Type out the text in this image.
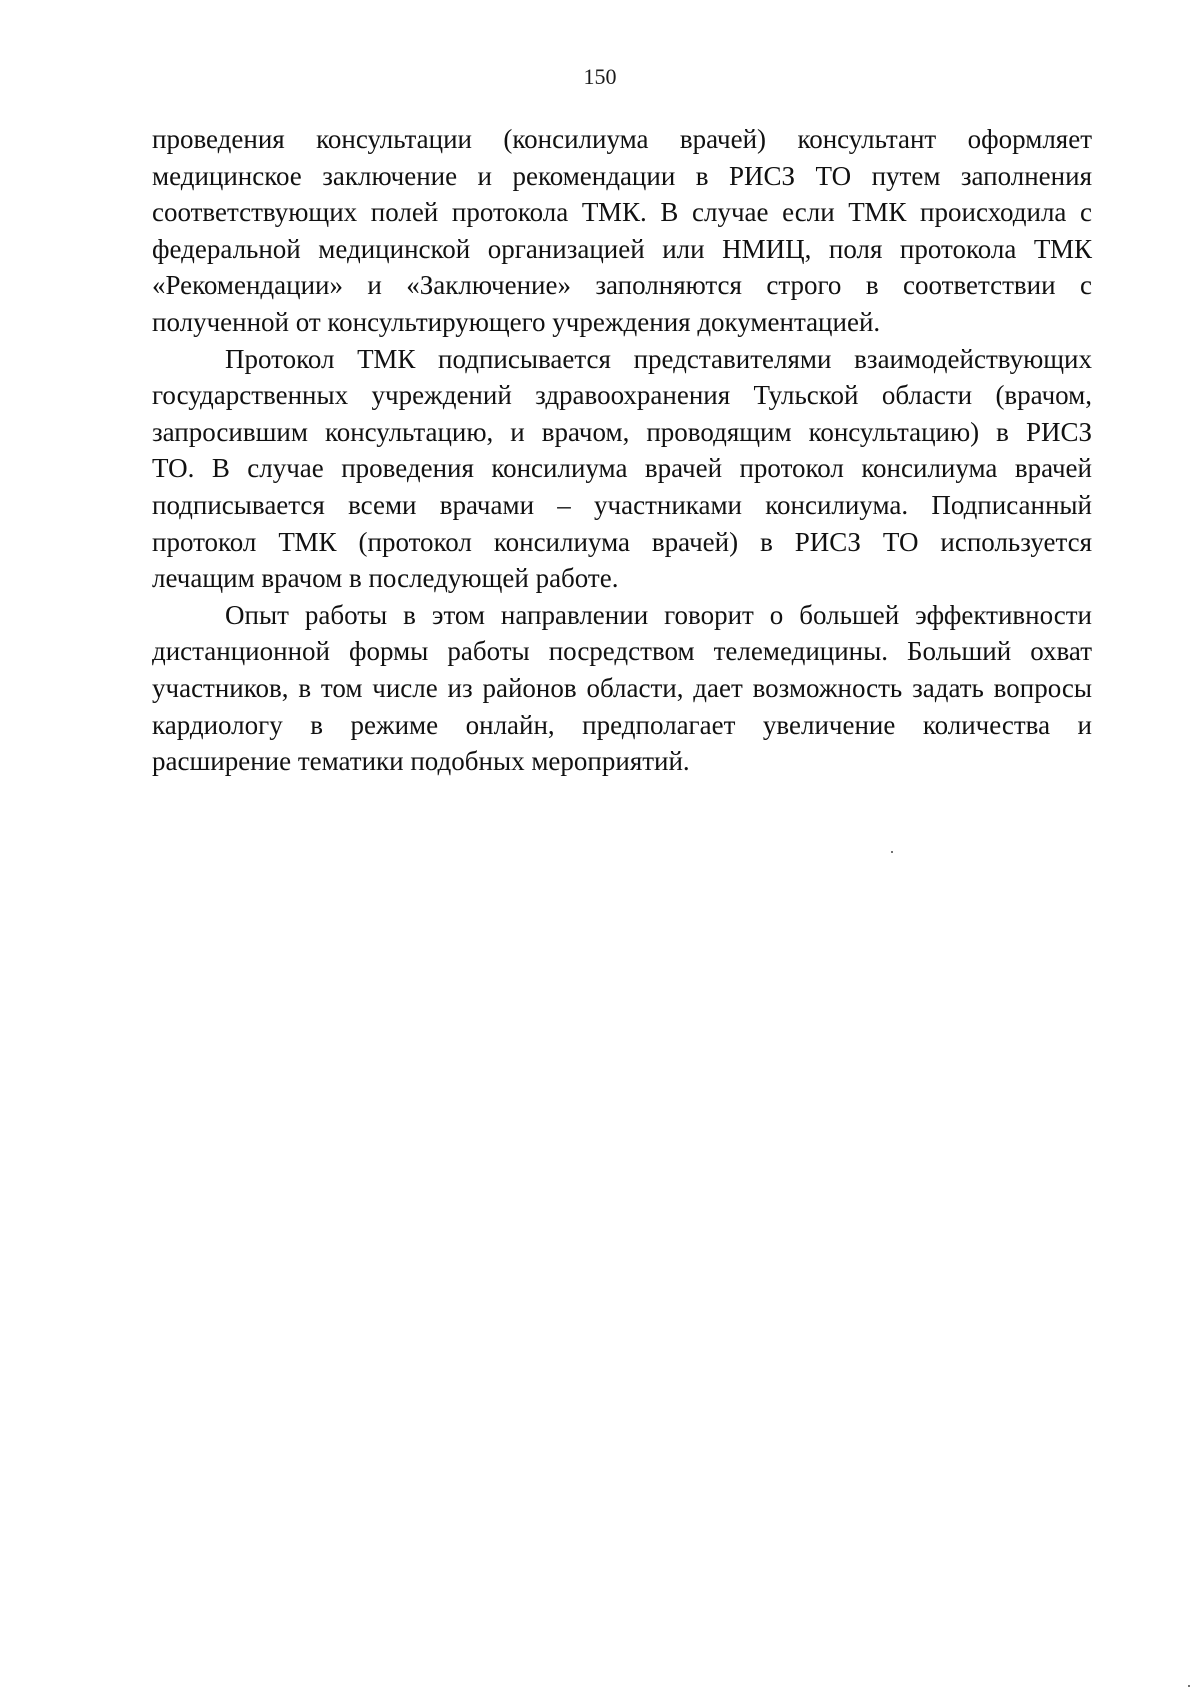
150
проведения консультации (консилиума врачей) консультант оформляет
медицинское заключение и рекомендации в РИСЗ ТО путем заполнения
соответствующих полей протокола ТМК. В случае если ТМК происходила с
федеральной медицинской организацией или НМИЦ, поля протокола ТМК
«Рекомендации» и «Заключение» заполняются строго в соответствии с
полученной от консультирующего учреждения документацией.
Протокол ТМК подписывается представителями взаимодействующих
государственных учреждений здравоохранения Тульской области (врачом,
запросившим консультацию, и врачом, проводящим консультацию) в РИСЗ
ТО. В случае проведения консилиума врачей протокол консилиума врачей
подписывается всеми врачами – участниками консилиума. Подписанный
протокол ТМК (протокол консилиума врачей) в РИСЗ ТО используется
лечащим врачом в последующей работе.
Опыт работы в этом направлении говорит о большей эффективности
дистанционной формы работы посредством телемедицины. Больший охват
участников, в том числе из районов области, дает возможность задать вопросы
кардиологу в режиме онлайн, предполагает увеличение количества и
расширение тематики подобных мероприятий.
